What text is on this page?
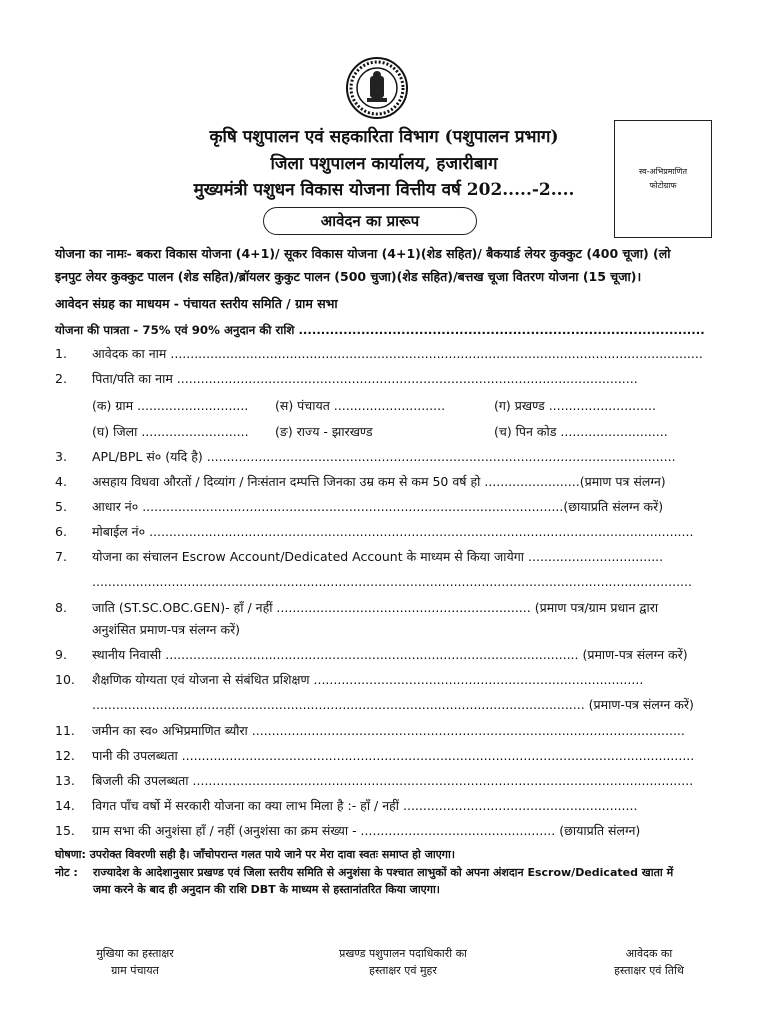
कृषि पशुपालन एवं सहकारिता विभाग (पशुपालन प्रभाग)
जिला पशुपालन कार्यालय, हजारीबाग
मुख्यमंत्री पशुधन विकास योजना वित्तीय वर्ष 202.....-2....
स्व-अभिप्रमाणित
फोटोग्राफ
आवेदन का प्रारूप
योजना का नामः- बकरा विकास योजना (4+1)/ सूकर विकास योजना (4+1)(शेड सहित)/ बैकयार्ड लेयर कुक्कुट (400 चूजा) (लो
इनपुट लेयर कुक्कुट पालन (शेड सहित)/ब्रॉयलर कुकुट पालन (500 चुजा)(शेड सहित)/बत्तख चूजा वितरण योजना (15 चूजा)।
आवेदन संग्रह का माधयम - पंचायत स्तरीय समिति / ग्राम सभा
योजना की पात्रता - 75% एवं 90% अनुदान की राशि ...........................................................................................
1. आवेदक का नाम ......................................................................................................................................
2. पिता/पति का नाम ....................................................................................................................
(क) ग्राम ............................ (स) पंचायत ............................	(ग) प्रखण्ड ...........................
(घ) जिला ........................... (ङ) राज्य - झारखण्ड	(च) पिन कोड ...........................
3. APL/BPL सं० (यदि है) ......................................................................................................................
4. असहाय विधवा औरतों / दिव्यांग / निःसंतान दम्पत्ति जिनका उम्र कम से कम 50 वर्ष हो ........................(प्रमाण पत्र संलग्न)
5. आधार नं० ..........................................................................................................(छायाप्रति संलग्न करें)
6. मोबाईल नं० .........................................................................................................................................
7. योजना का संचालन Escrow Account/Dedicated Account के माध्यम से किया जायेगा ..................................
.......................................................................................................................................................
8. जाति (ST.SC.OBC.GEN)- हाँ / नहीं ................................................................ (प्रमाण पत्र/ग्राम प्रधान द्वारा
अनुशंसित प्रमाण-पत्र संलग्न करें)
9. स्थानीय निवासी ........................................................................................................ (प्रमाण-पत्र संलग्न करें)
10. शैक्षणिक योग्यता एवं योजना से संबंधित प्रशिक्षण ...................................................................................
............................................................................................................................ (प्रमाण-पत्र संलग्न करें)
11. जमीन का स्व० अभिप्रमाणित ब्यौरा .............................................................................................................
12. पानी की उपलब्धता .................................................................................................................................
13. बिजली की उपलब्धता ..............................................................................................................................
14. विगत पाँच वर्षो में सरकारी योजना का क्या लाभ मिला है :- हाँ / नहीं ...........................................................
15. ग्राम सभा की अनुशंसा हाँ / नहीं (अनुशंसा का क्रम संख्या - ................................................. (छायाप्रति संलग्न)
घोषणा: उपरोक्त विवरणी सही है। जाँचोपरान्त गलत पाये जाने पर मेरा दावा स्वतः समाप्त हो जाएगा।
नोट : राज्यादेश के आदेशानुसार प्रखण्ड एवं जिला स्तरीय समिति से अनुशंसा के पश्चात लाभुकों को अपना अंशदान Escrow/Dedicated खाता में
जमा करने के बाद ही अनुदान की राशि DBT के माध्यम से हस्तानांतरित किया जाएगा।
मुखिया का हस्ताक्षर
ग्राम पंचायत
प्रखण्ड पशुपालन पदाधिकारी का
हस्ताक्षर एवं मुहर
आवेदक का
हस्ताक्षर एवं तिथि
